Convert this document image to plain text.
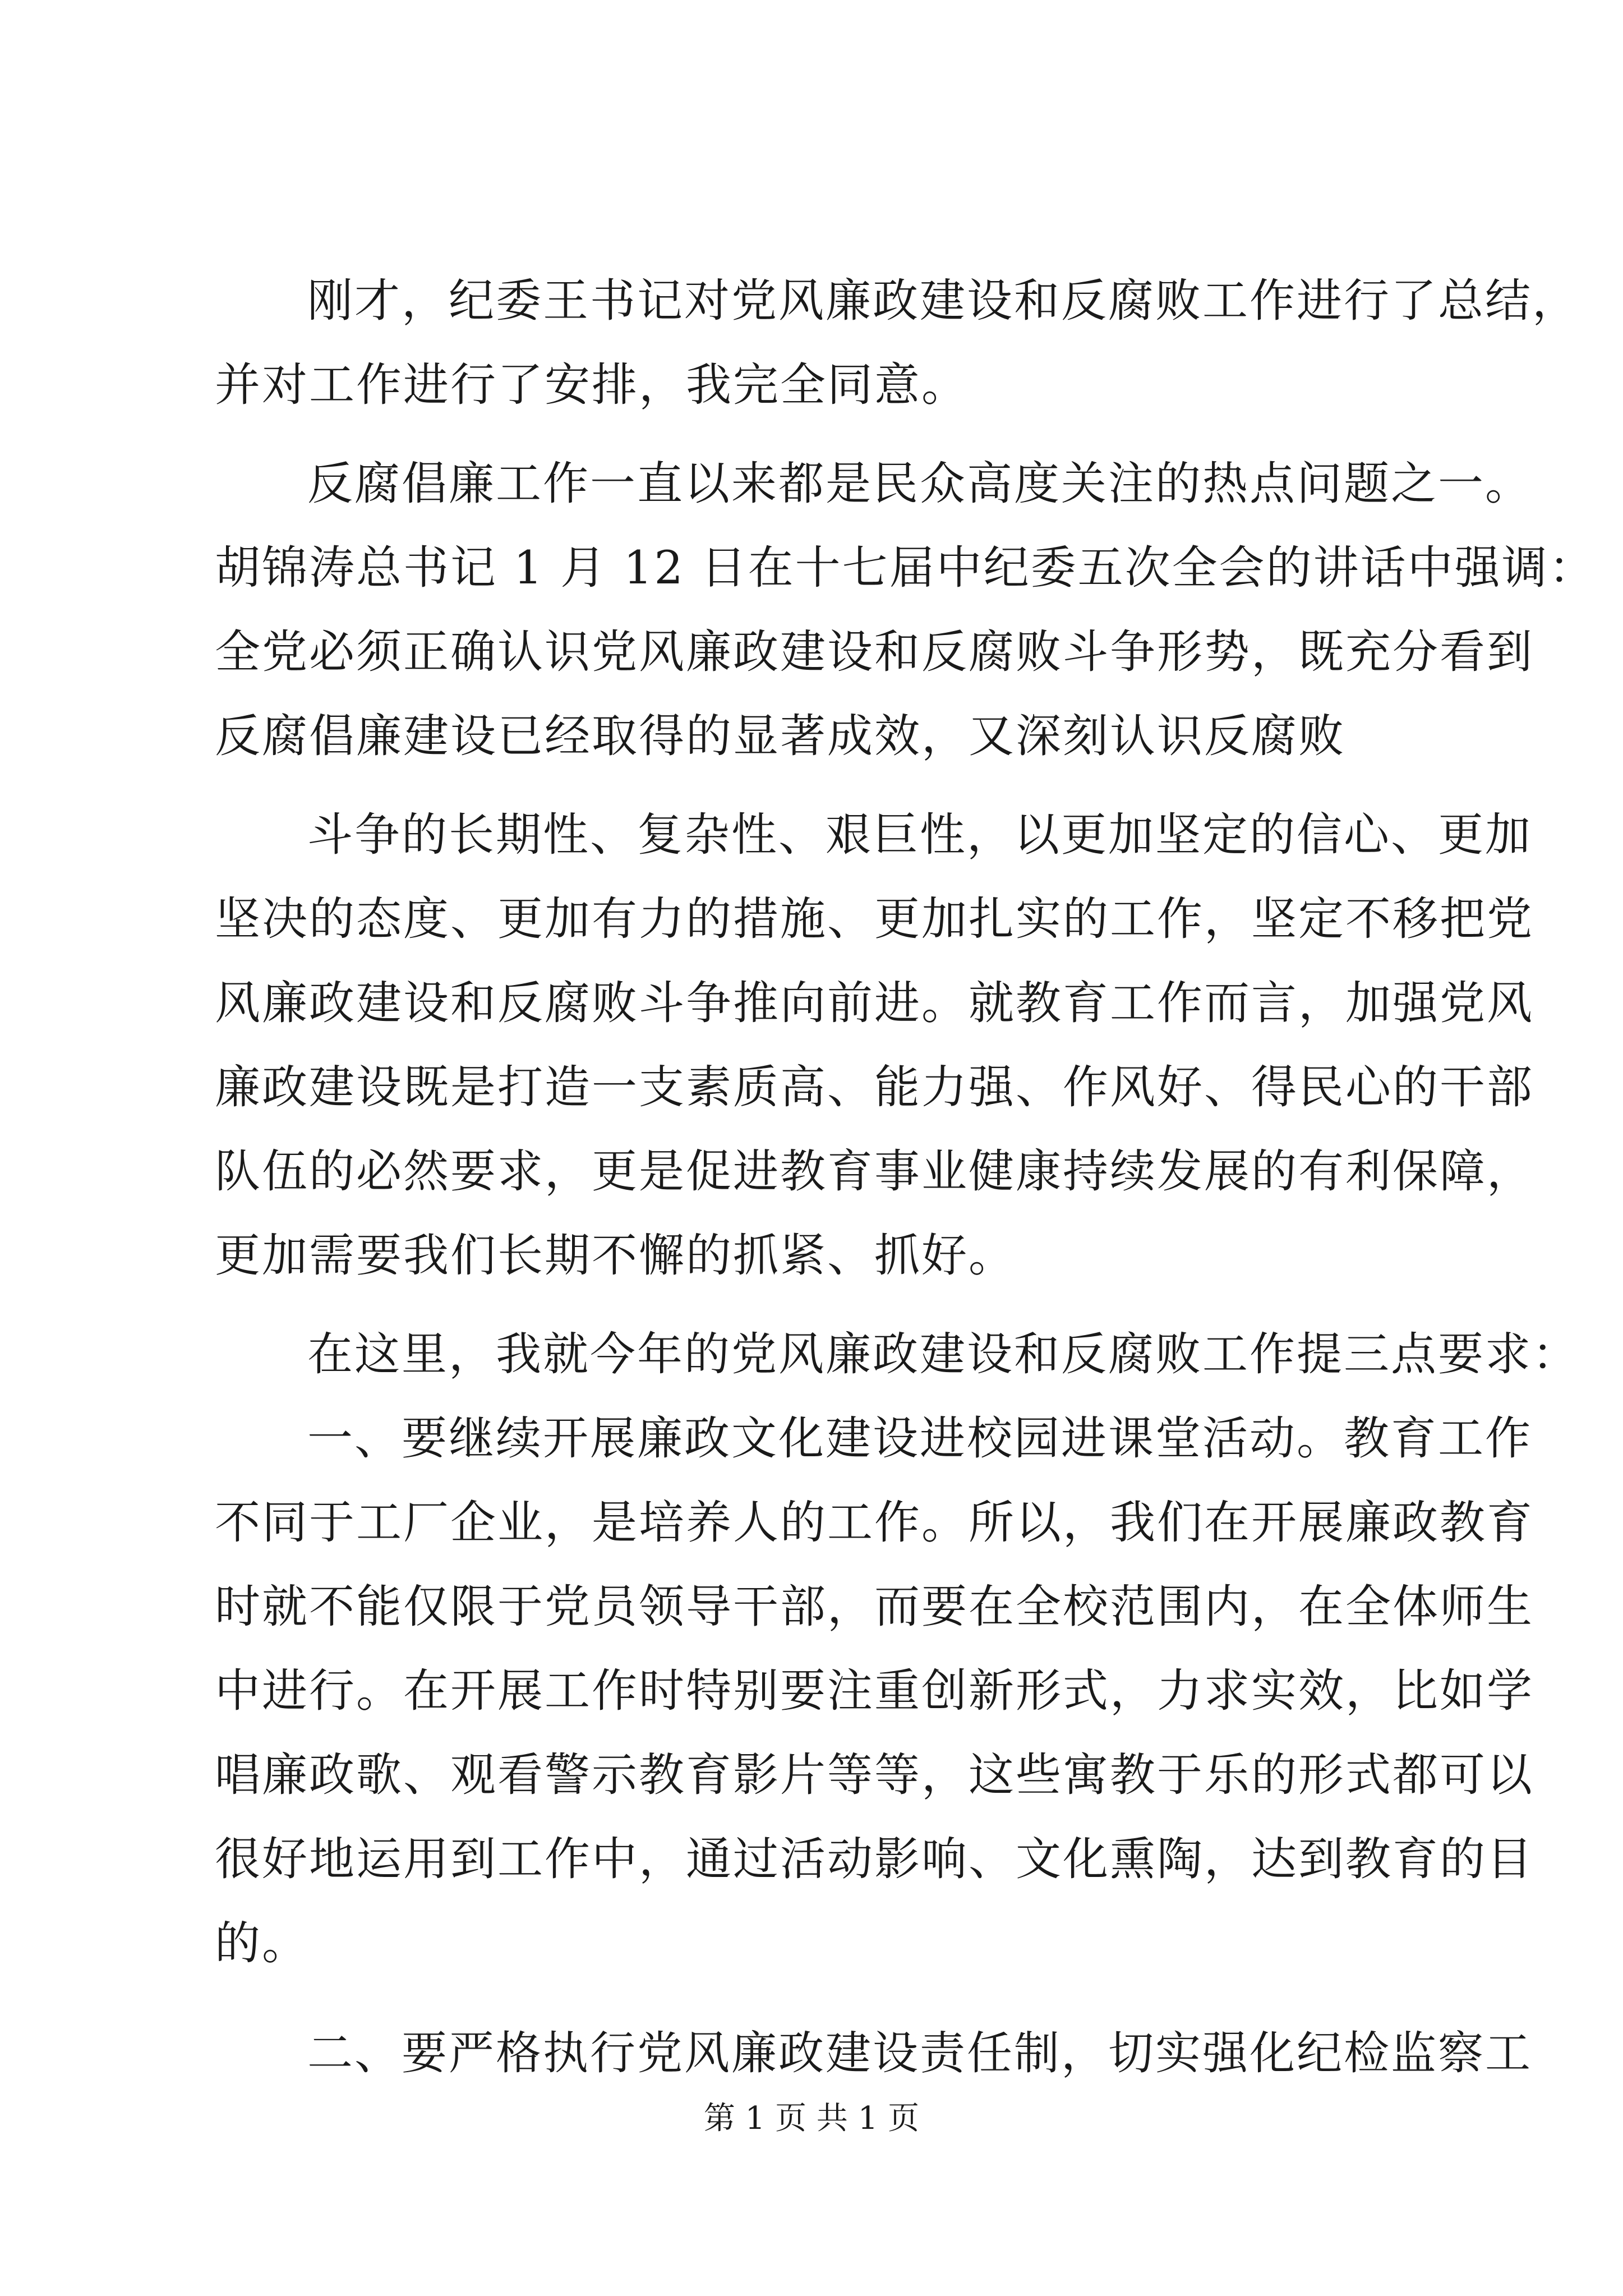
刚才，纪委王书记对党风廉政建设和反腐败工作进行了总结，
并对工作进行了安排，我完全同意。
反腐倡廉工作一直以来都是民众高度关注的热点问题之一。
胡锦涛总书记 1 月 12 日在十七届中纪委五次全会的讲话中强调：
全党必须正确认识党风廉政建设和反腐败斗争形势，既充分看到
反腐倡廉建设已经取得的显著成效，又深刻认识反腐败
斗争的长期性、复杂性、艰巨性，以更加坚定的信心、更加
坚决的态度、更加有力的措施、更加扎实的工作，坚定不移把党
风廉政建设和反腐败斗争推向前进。就教育工作而言，加强党风
廉政建设既是打造一支素质高、能力强、作风好、得民心的干部
队伍的必然要求，更是促进教育事业健康持续发展的有利保障，
更加需要我们长期不懈的抓紧、抓好。
在这里，我就今年的党风廉政建设和反腐败工作提三点要求：
一、要继续开展廉政文化建设进校园进课堂活动。教育工作
不同于工厂企业，是培养人的工作。所以，我们在开展廉政教育
时就不能仅限于党员领导干部，而要在全校范围内，在全体师生
中进行。在开展工作时特别要注重创新形式，力求实效，比如学
唱廉政歌、观看警示教育影片等等，这些寓教于乐的形式都可以
很好地运用到工作中，通过活动影响、文化熏陶，达到教育的目
的。
二、要严格执行党风廉政建设责任制，切实强化纪检监察工
第 1 页 共 1 页
